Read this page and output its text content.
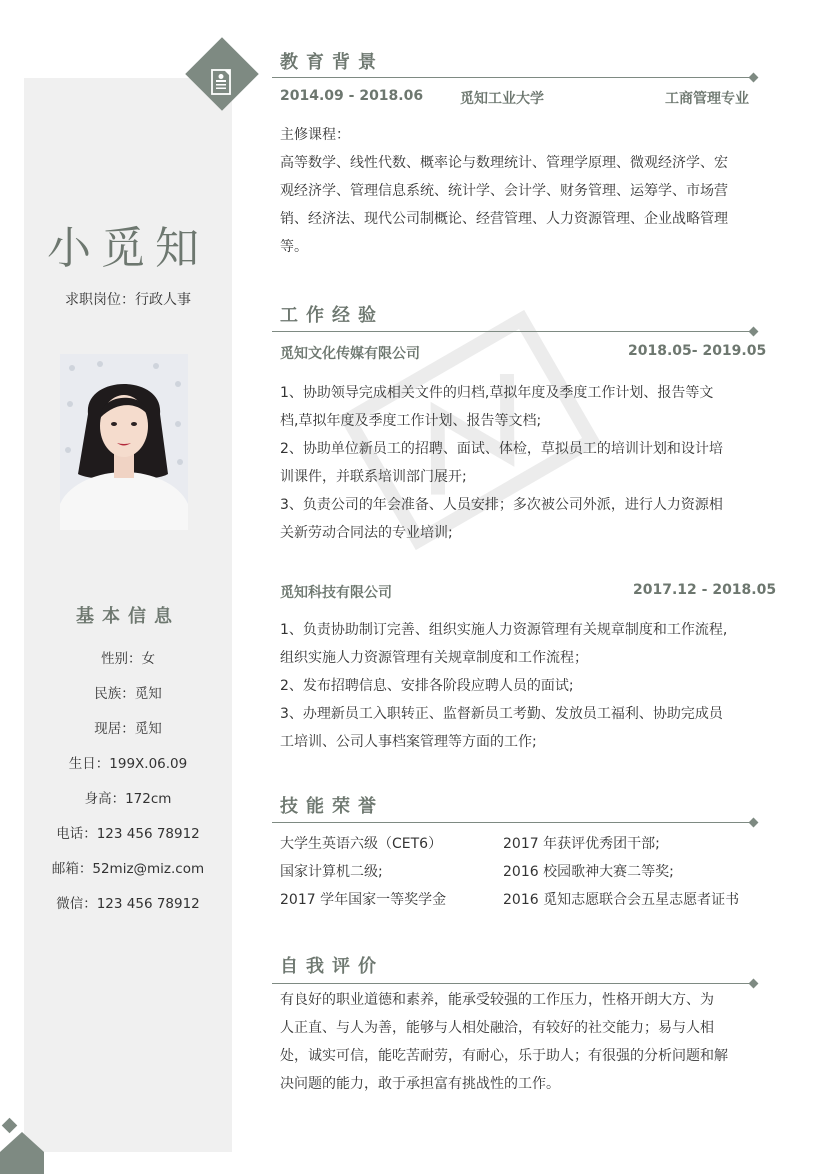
小觅知
求职岗位：行政人事
基本信息
性别：女
民族：觅知
现居：觅知
生日：199X.06.09
身高：172cm
电话：123 456 78912
邮箱：52miz@miz.com
微信：123 456 78912
教育背景
2014.09 - 2018.06	觅知工业大学	工商管理专业

主修课程：

高等数学、线性代数、概率论与数理统计、管理学原理、微观经济学、宏

观经济学、管理信息系统、统计学、会计学、财务管理、运筹学、市场营

销、经济法、现代公司制概论、经营管理、人力资源管理、企业战略管理

等。

工作经验
觅知文化传媒有限公司	2018.05- 2019.05

1、协助领导完成相关文件的归档,草拟年度及季度工作计划、报告等文

档,草拟年度及季度工作计划、报告等文档;

2、协助单位新员工的招聘、面试、体检，草拟员工的培训计划和设计培

训课件，并联系培训部门展开;

3、负责公司的年会准备、人员安排；多次被公司外派，进行人力资源相

关新劳动合同法的专业培训;

觅知科技有限公司	2017.12 - 2018.05

1、负责协助制订完善、组织实施人力资源管理有关规章制度和工作流程,

组织实施人力资源管理有关规章制度和工作流程；

2、发布招聘信息、安排各阶段应聘人员的面试;

3、办理新员工入职转正、监督新员工考勤、发放员工福利、协助完成员

工培训、公司人事档案管理等方面的工作;

技能荣誉
大学生英语六级（CET6）	2017 年获评优秀团干部;
国家计算机二级;	2016 校园歌神大赛二等奖;
2017 学年国家一等奖学金	2016 觅知志愿联合会五星志愿者证书
自我评价

有良好的职业道德和素养，能承受较强的工作压力，性格开朗大方、为

人正直、与人为善，能够与人相处融洽，有较好的社交能力；易与人相

处，诚实可信，能吃苦耐劳，有耐心，乐于助人；有很强的分析问题和解

决问题的能力，敢于承担富有挑战性的工作。
